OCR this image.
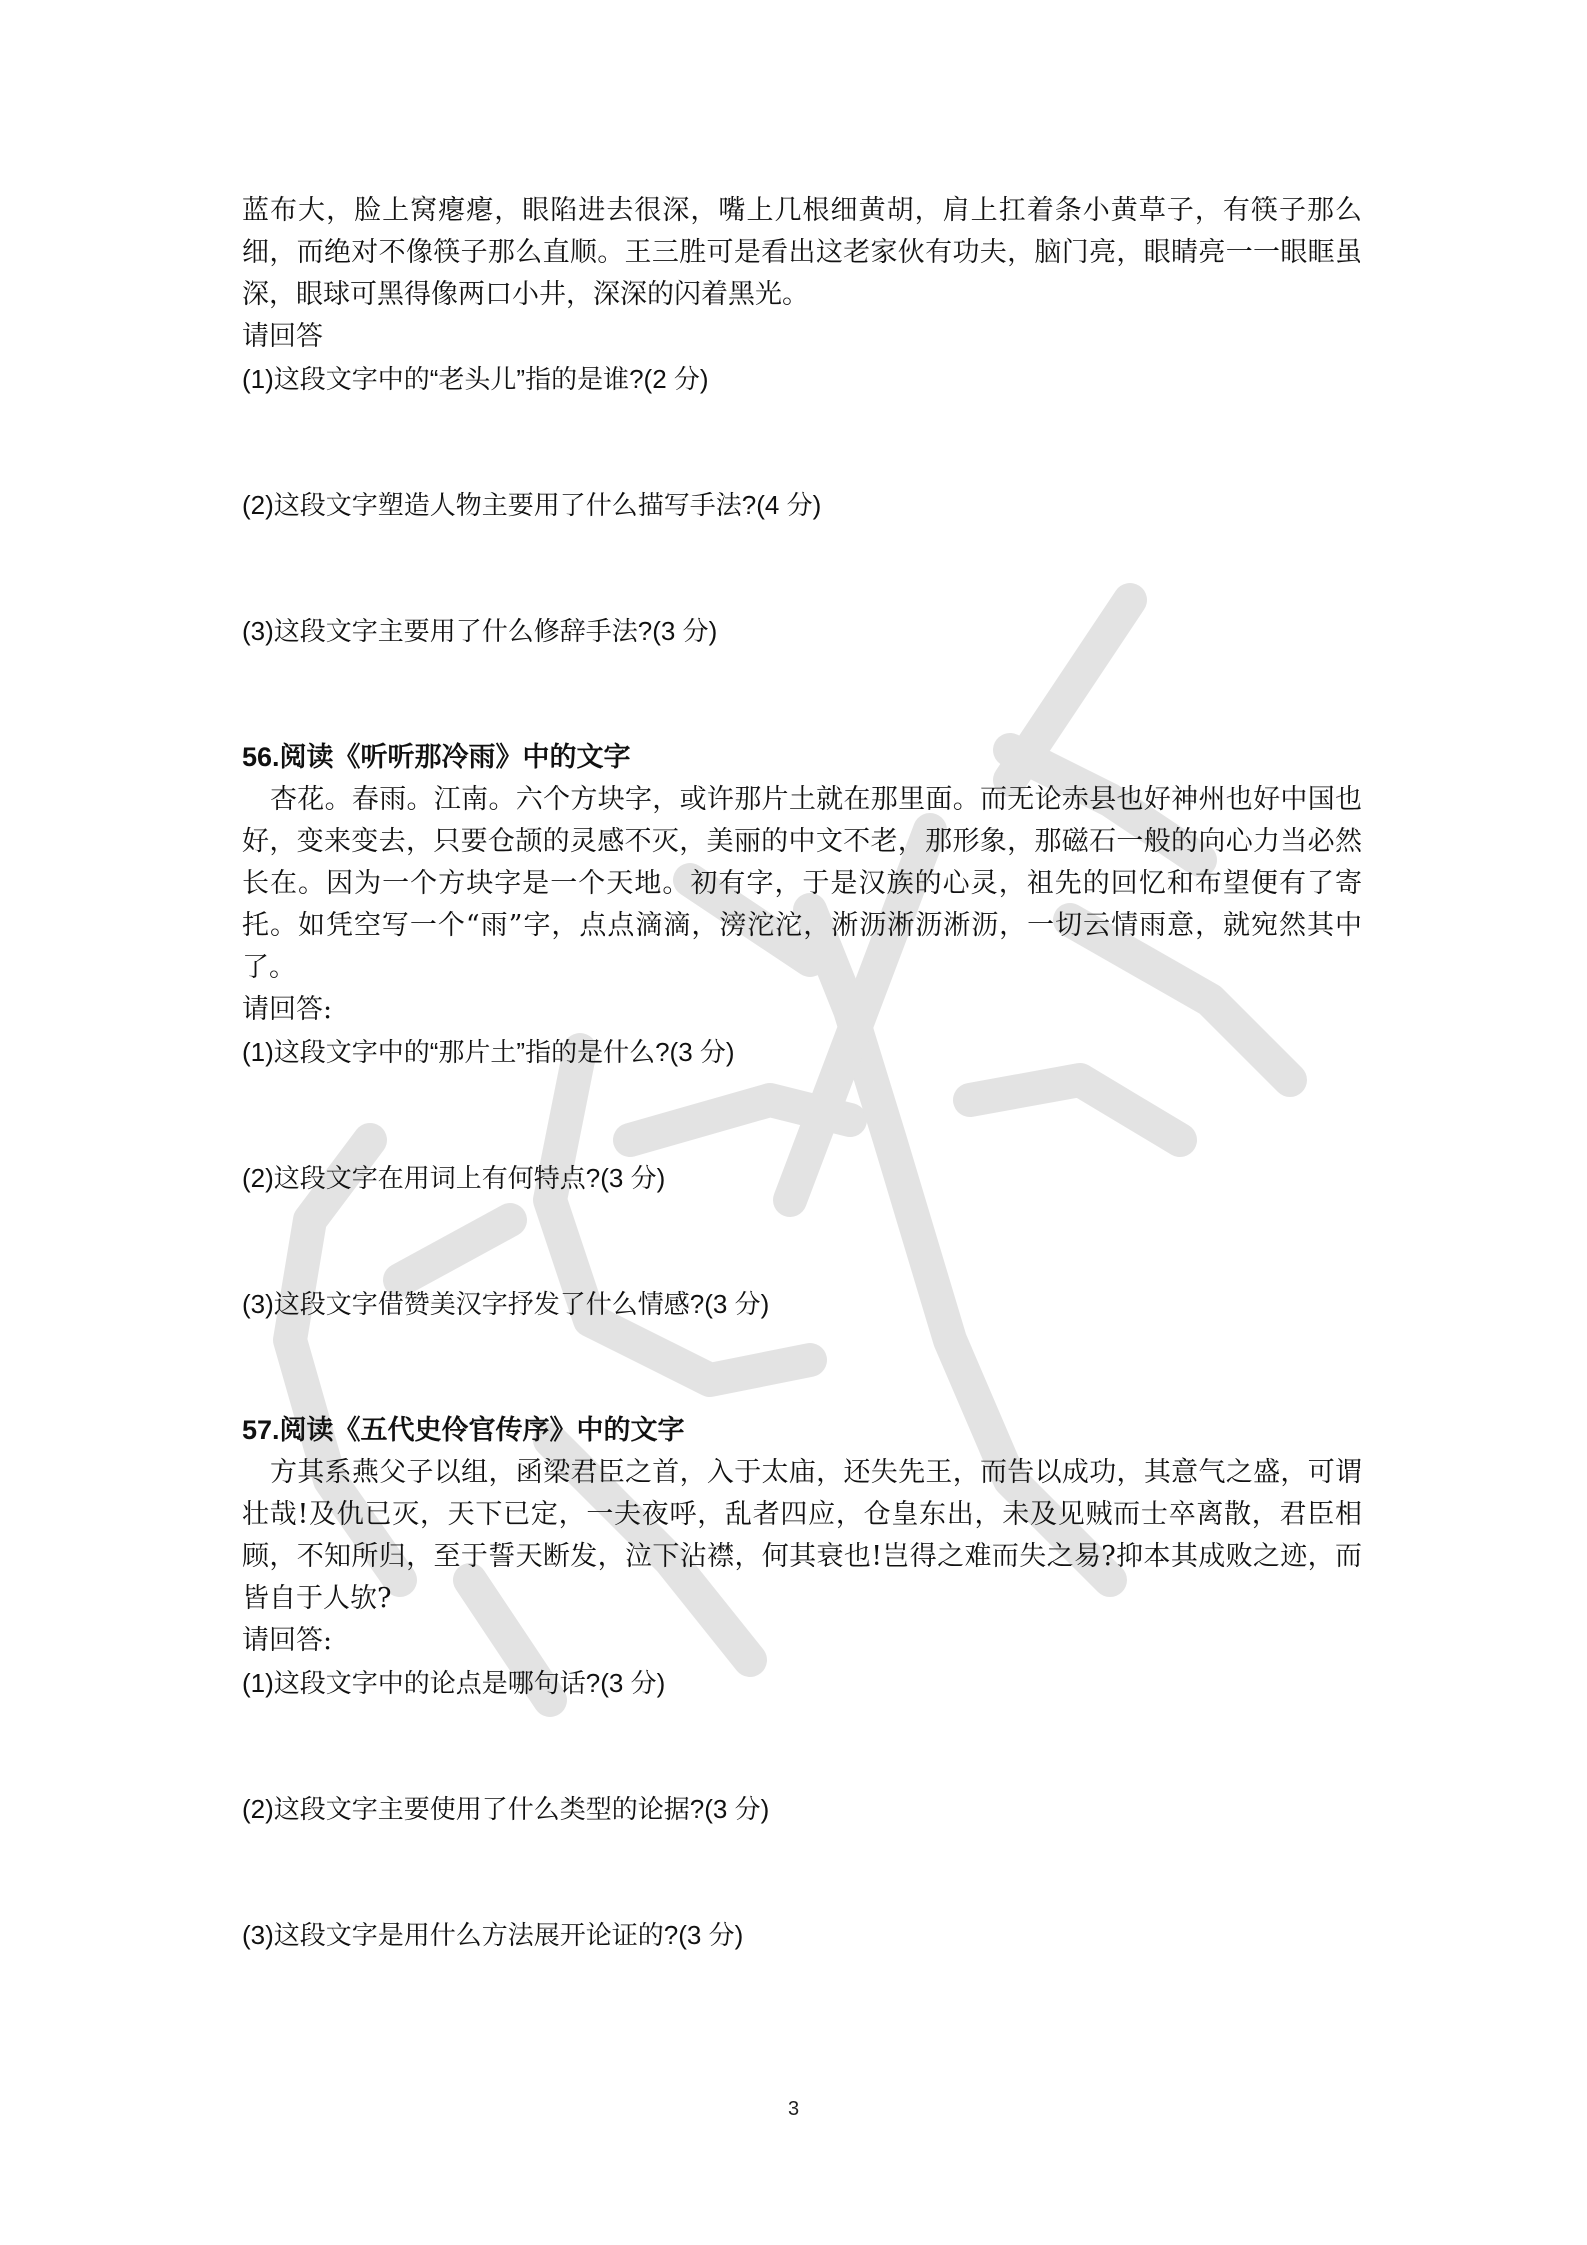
蓝布大，脸上窝瘪瘪，眼陷进去很深，嘴上几根细黄胡，肩上扛着条小黄草子，有筷子那么细，而绝对不像筷子那么直顺。王三胜可是看出这老家伙有功夫，脑门亮，眼睛亮一一眼眶虽深，眼球可黑得像两口小井，深深的闪着黑光。

请回答

(1)这段文字中的“老头儿”指的是谁?(2 分)

(2)这段文字塑造人物主要用了什么描写手法?(4 分)

(3)这段文字主要用了什么修辞手法?(3 分)

56.阅读《听听那冷雨》中的文字

杏花。春雨。江南。六个方块字，或许那片土就在那里面。而无论赤县也好神州也好中国也好，变来变去，只要仓颉的灵感不灭，美丽的中文不老，那形象，那磁石一般的向心力当必然长在。因为一个方块字是一个天地。初有字，于是汉族的心灵，祖先的回忆和布望便有了寄托。如凭空写一个“雨”字，点点滴滴，滂沱沱，淅沥淅沥淅沥，一切云情雨意，就宛然其中了。

请回答:

(1)这段文字中的“那片土”指的是什么?(3 分)

(2)这段文字在用词上有何特点?(3 分)

(3)这段文字借赞美汉字抒发了什么情感?(3 分)

57.阅读《五代史伶官传序》中的文字

方其系燕父子以组，函梁君臣之首，入于太庙，还失先王，而告以成功，其意气之盛，可谓壮哉!及仇已灭，天下已定，一夫夜呼，乱者四应，仓皇东出，未及见贼而士卒离散，君臣相顾，不知所归，至于誓天断发，泣下沾襟，何其衰也!岂得之难而失之易?抑本其成败之迹，而皆自于人欤?

请回答:

(1)这段文字中的论点是哪句话?(3 分)

(2)这段文字主要使用了什么类型的论据?(3 分)

(3)这段文字是用什么方法展开论证的?(3 分)

3
